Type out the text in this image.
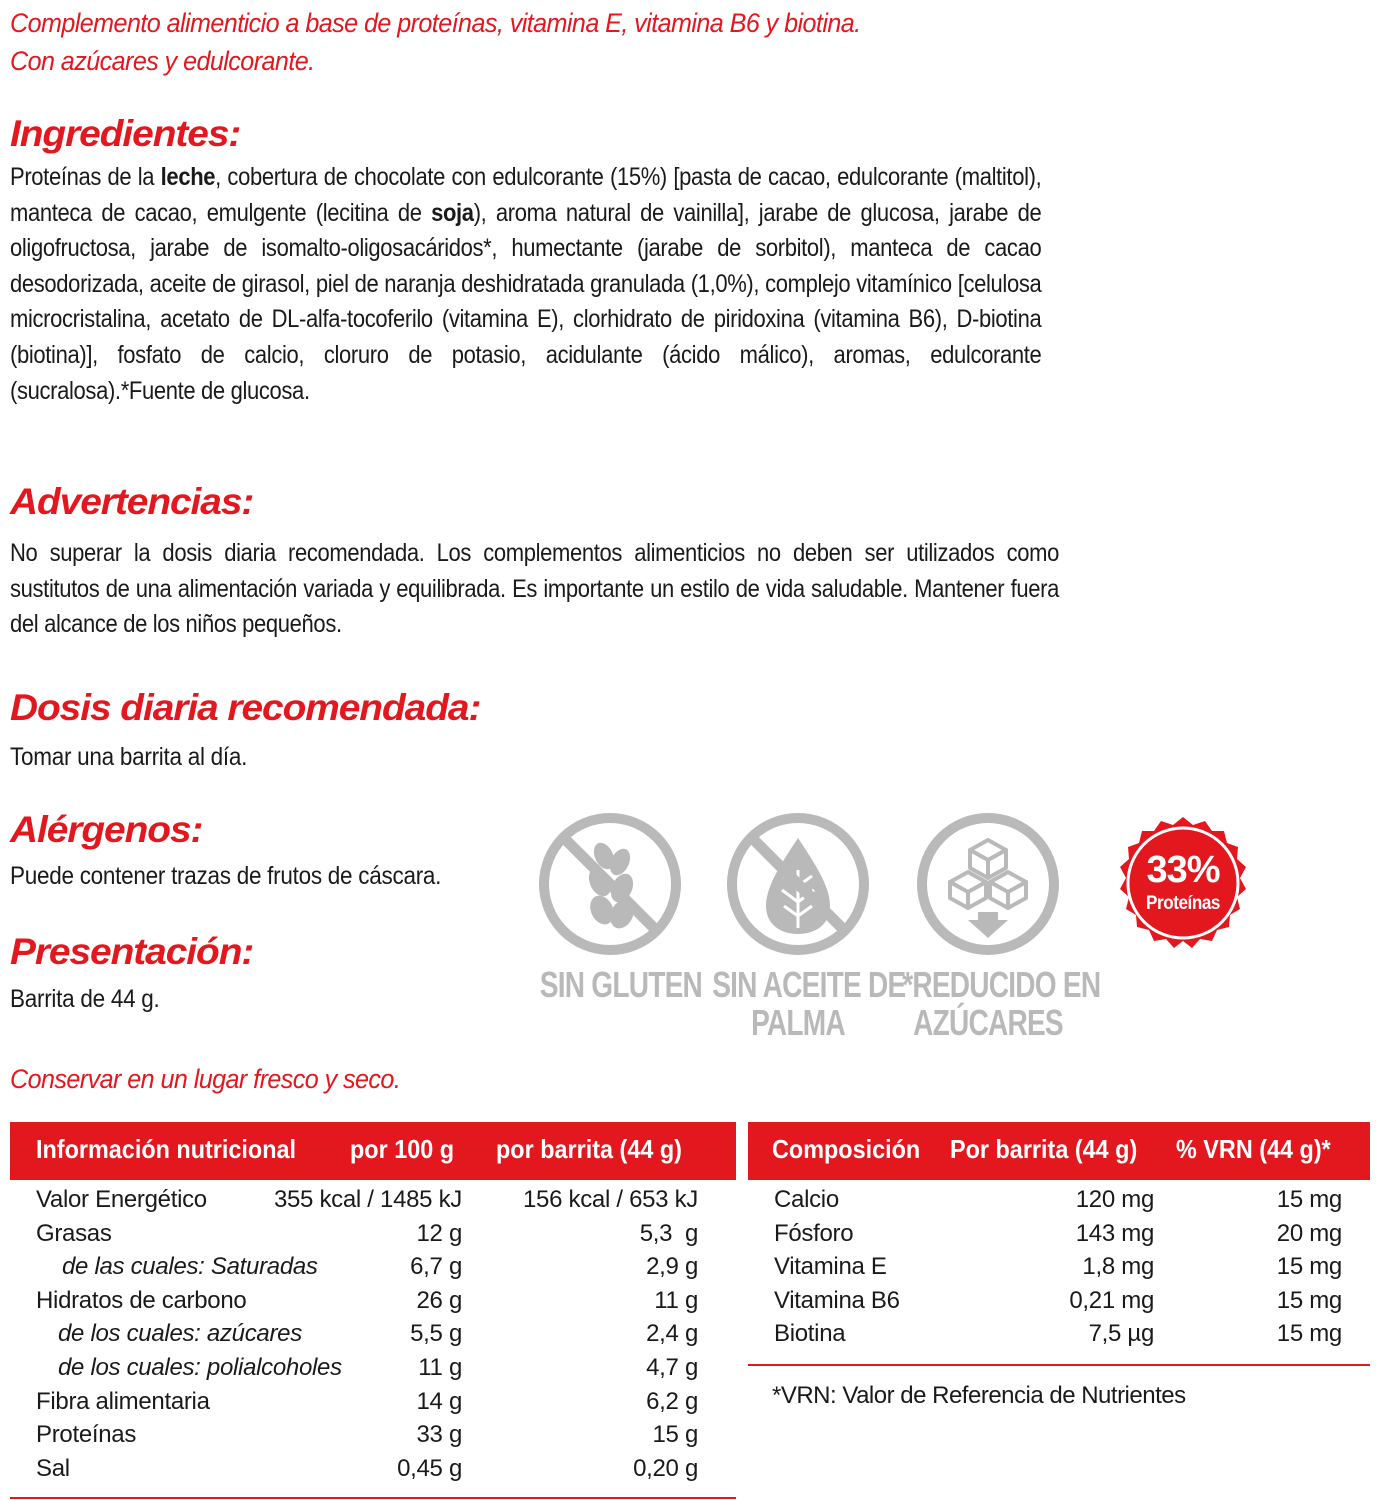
Complemento alimenticio a base de proteínas, vitamina E, vitamina B6 y biotina.
Con azúcares y edulcorante.
Ingredientes:
Proteínas de la leche, cobertura de chocolate con edulcorante (15%) [pasta de cacao, edulcorante (maltitol), manteca de cacao, emulgente (lecitina de soja), aroma natural de vainilla], jarabe de glucosa, jarabe de oligofructosa, jarabe de isomalto-oligosacáridos*, humectante (jarabe de sorbitol), manteca de cacao desodorizada, aceite de girasol, piel de naranja deshidratada granulada (1,0%), complejo vitamínico [celulosa microcristalina, acetato de DL-alfa-tocoferilo (vitamina E), clorhidrato de piridoxina (vitamina B6), D-biotina (biotina)], fosfato de calcio, cloruro de potasio, acidulante (ácido málico), aromas, edulcorante (sucralosa).*Fuente de glucosa.
Advertencias:
No superar la dosis diaria recomendada. Los complementos alimenticios no deben ser utilizados como sustitutos de una alimentación variada y equilibrada. Es importante un estilo de vida saludable. Mantener fuera del alcance de los niños pequeños.
Dosis diaria recomendada:
Tomar una barrita al día.
Alérgenos:
Puede contener trazas de frutos de cáscara.
Presentación:
Barrita de 44 g.
Conservar en un lugar fresco y seco.
SIN GLUTEN SIN ACEITE DE
PALMA
*REDUCIDO EN
AZÚCARES
33%
Proteínas
Información nutricional por 100 g por barrita (44 g)
Valor Energético	355 kcal / 1485 kJ	156 kcal / 653 kJ
Grasas	12 g	5,3  g
de las cuales: Saturadas	6,7 g	2,9 g
Hidratos de carbono	26 g	11 g
de los cuales: azúcares	5,5 g	2,4 g
de los cuales: polialcoholes	11 g	4,7 g
Fibra alimentaria	14 g	6,2 g
Proteínas	33 g	15 g
Sal	0,45 g	0,20 g
Composición Por barrita (44 g) % VRN (44 g)*
Calcio	120 mg	15 mg
Fósforo	143 mg	20 mg
Vitamina E	1,8 mg	15 mg
Vitamina B6	0,21 mg	15 mg
Biotina	7,5 µg	15 mg
*VRN: Valor de Referencia de Nutrientes
